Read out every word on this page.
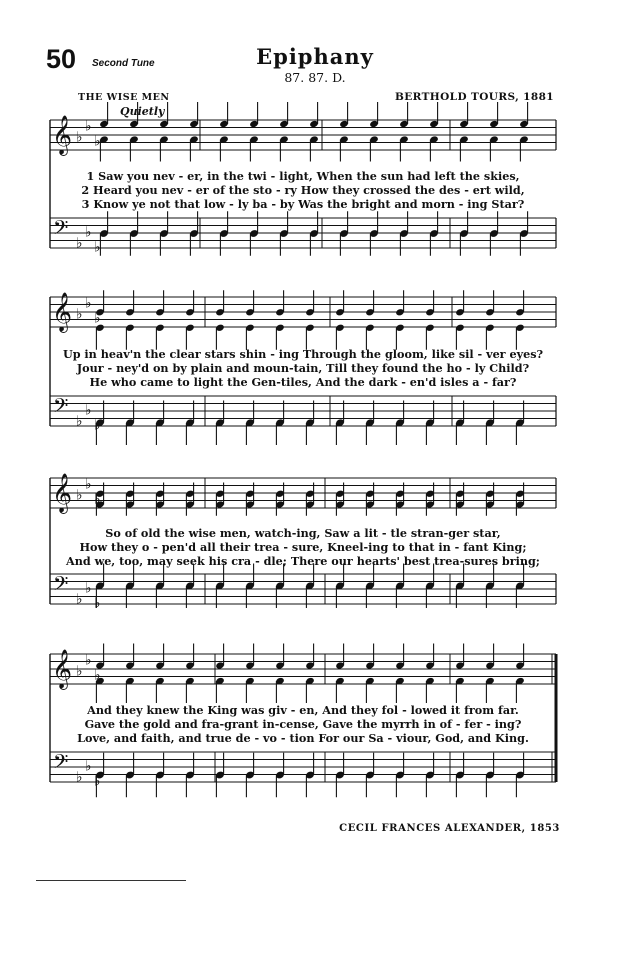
50 Second Tune	Epiphany
87. 87. D.
THE WISE MEN	BERTHOLD TOURS, 1881
Quietly
𝄞
𝄢
♭
♭
♭
♭
♭
♭
𝄞
𝄢
♭
♭
♭
♭
♭
♭
𝄞
𝄢
♭
♭
♭
♭
♭
♭
𝄞
𝄢
♭
♭
♭
♭
♭
♭
1 Saw you nev - er, in the twi - light, When the sun had left the skies,
2 Heard you nev - er of the sto - ry How they crossed the des - ert wild,
3 Know ye not that low - ly ba - by Was the bright and morn - ing Star?
Up in heav'n the clear stars shin - ing Through the gloom, like sil - ver eyes?
Jour - ney'd on by plain and moun-tain, Till they found the ho - ly Child?
He who came to light the Gen-tiles, And the dark - en'd isles a - far?
So of old the wise men, watch-ing, Saw a lit - tle stran-ger star,
How they o - pen'd all their trea - sure, Kneel-ing to that in - fant King;
And we, too, may seek his cra - dle; There our hearts' best trea-sures bring;
And they knew the King was giv - en, And they fol - lowed it from far.
Gave the gold and fra-grant in-cense, Gave the myrrh in of - fer - ing?
Love, and faith, and true de - vo - tion For our Sa - viour, God, and King.
CECIL FRANCES ALEXANDER, 1853
